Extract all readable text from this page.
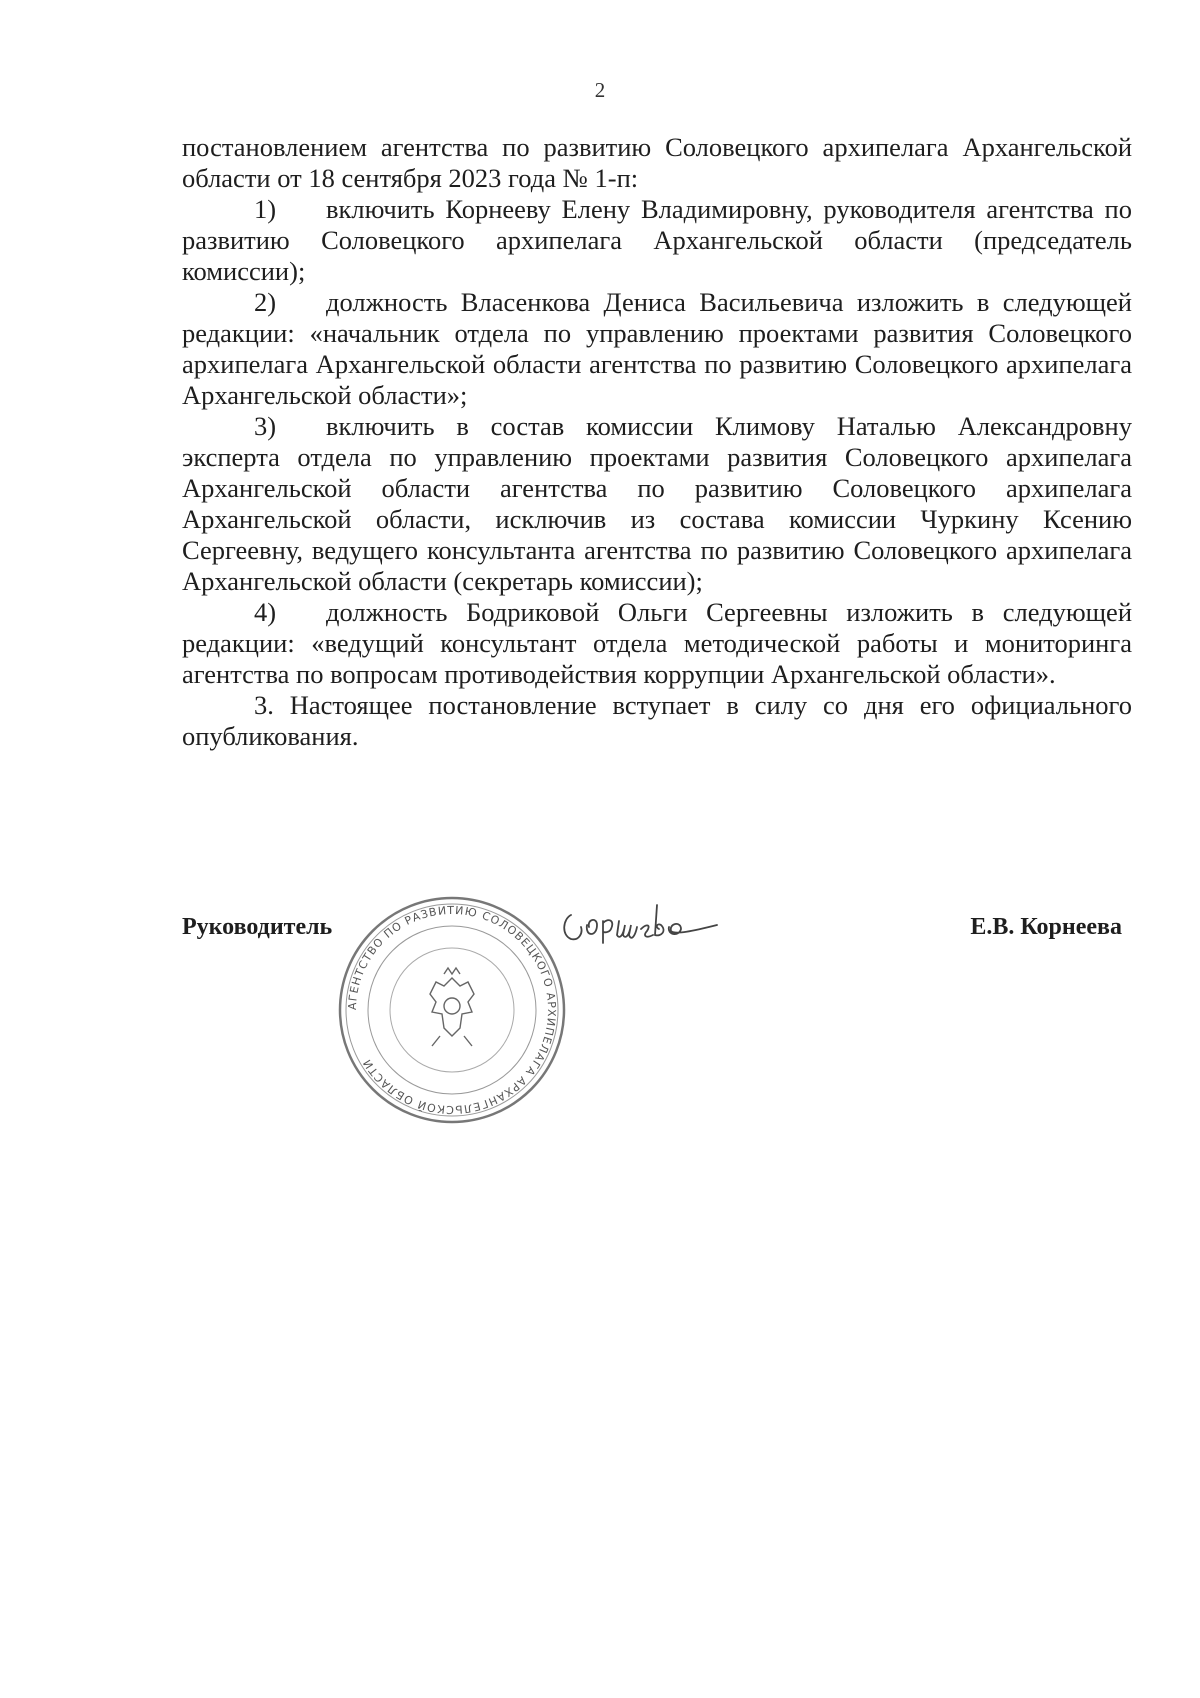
2

постановлением агентства по развитию Соловецкого архипелага Архангельской области от 18 сентября 2023 года № 1-п:

1) включить Корнееву Елену Владимировну, руководителя агентства по развитию Соловецкого архипелага Архангельской области (председатель комиссии);

2) должность Власенкова Дениса Васильевича изложить в следующей редакции: «начальник отдела по управлению проектами развития Соловецкого архипелага Архангельской области агентства по развитию Соловецкого архипелага Архангельской области»;

3) включить в состав комиссии Климову Наталью Александровну эксперта отдела по управлению проектами развития Соловецкого архипелага Архангельской области агентства по развитию Соловецкого архипелага Архангельской области, исключив из состава комиссии Чуркину Ксению Сергеевну, ведущего консультанта агентства по развитию Соловецкого архипелага Архангельской области (секретарь комиссии);

4) должность Бодриковой Ольги Сергеевны изложить в следующей редакции: «ведущий консультант отдела методической работы и мониторинга агентства по вопросам противодействия коррупции Архангельской области».

3. Настоящее постановление вступает в силу со дня его официального опубликования.

Руководитель
АГЕНТСТВО ПО РАЗВИТИЮ СОЛОВЕЦКОГО АРХИПЕЛАГА АРХАНГЕЛЬСКОЙ ОБЛАСТИ
Е.В. Корнеева
